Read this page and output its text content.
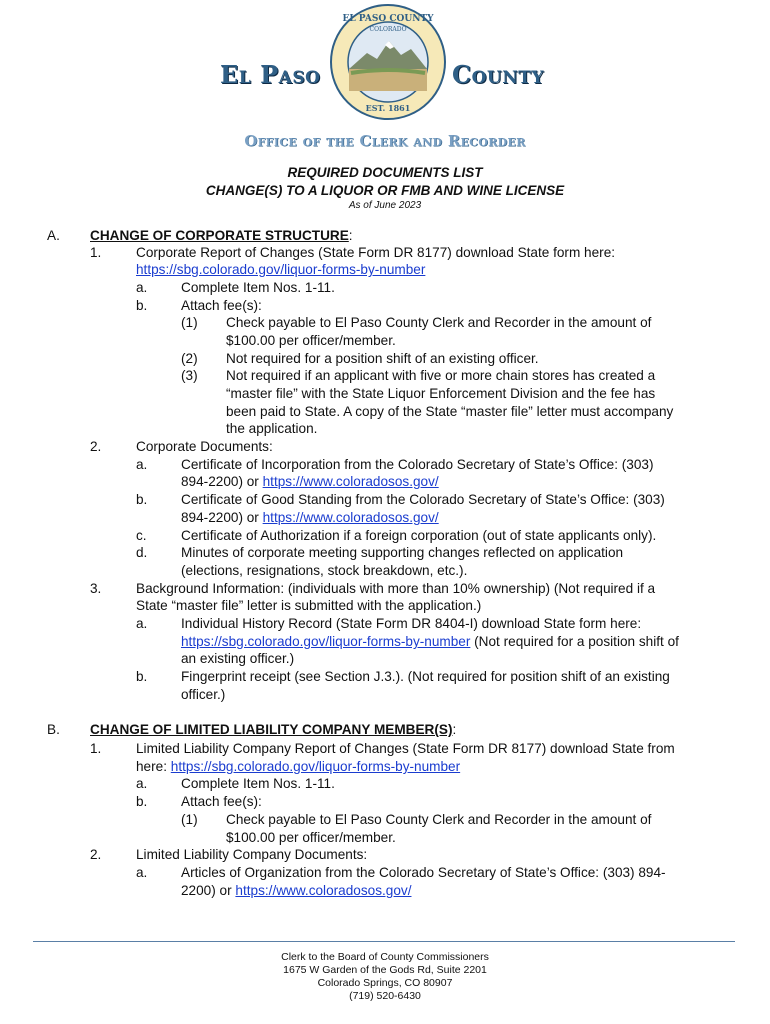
El Paso
EL PASO COUNTY
COLORADO
EST. 1861
County
Office of the Clerk and Recorder
REQUIRED DOCUMENTS LIST
CHANGE(S) TO A LIQUOR OR FMB AND WINE LICENSE
As of June 2023
A. CHANGE OF CORPORATE STRUCTURE:
1.	Corporate Report of Changes (State Form DR 8177) download State form here:
https://sbg.colorado.gov/liquor-forms-by-number
a. Complete Item Nos. 1-11.
b. Attach fee(s):
(1) Check payable to El Paso County Clerk and Recorder in the amount of
$100.00 per officer/member.
(2) Not required for a position shift of an existing officer.
(3) Not required if an applicant with five or more chain stores has created a
“master file” with the State Liquor Enforcement Division and the fee has
been paid to State. A copy of the State “master file” letter must accompany
the application.
2.	Corporate Documents:
a. Certificate of Incorporation from the Colorado Secretary of State’s Office: (303)
894-2200) or https://www.coloradosos.gov/
b. Certificate of Good Standing from the Colorado Secretary of State’s Office: (303)
894-2200) or https://www.coloradosos.gov/
c.	Certificate of Authorization if a foreign corporation (out of state applicants only).
d. Minutes of corporate meeting supporting changes reflected on application
(elections, resignations, stock breakdown, etc.).
3.	Background Information: (individuals with more than 10% ownership) (Not required if a
State “master file” letter is submitted with the application.)
a. Individual History Record (State Form DR 8404-I) download State form here:
https://sbg.colorado.gov/liquor-forms-by-number (Not required for a position shift of
an existing officer.)
b. Fingerprint receipt (see Section J.3.). (Not required for position shift of an existing
officer.)
B. CHANGE OF LIMITED LIABILITY COMPANY MEMBER(S):
1.	Limited Liability Company Report of Changes (State Form DR 8177) download State from
here: https://sbg.colorado.gov/liquor-forms-by-number
a. Complete Item Nos. 1-11.
b. Attach fee(s):
(1) Check payable to El Paso County Clerk and Recorder in the amount of
$100.00 per officer/member.
2.	Limited Liability Company Documents:
a. Articles of Organization from the Colorado Secretary of State’s Office: (303) 894-
2200) or https://www.coloradosos.gov/
Clerk to the Board of County Commissioners
1675 W Garden of the Gods Rd, Suite 2201
Colorado Springs, CO 80907
(719) 520-6430
